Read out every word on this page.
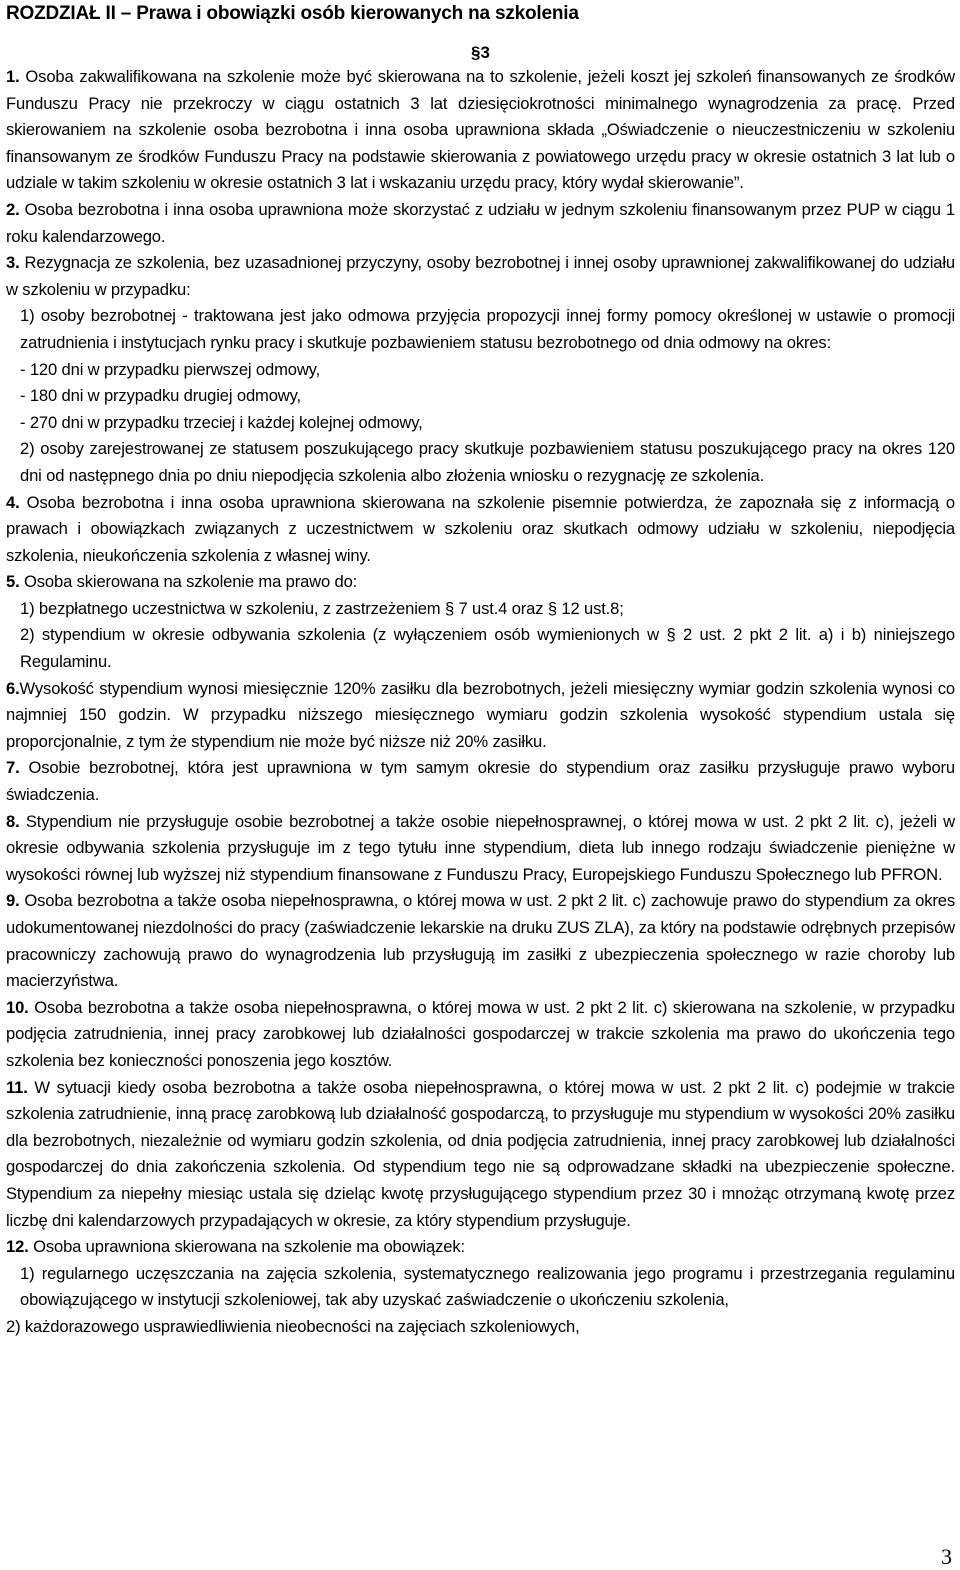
ROZDZIAŁ II – Prawa i obowiązki osób kierowanych na szkolenia
§3

1. Osoba zakwalifikowana na szkolenie może być skierowana na to szkolenie, jeżeli koszt jej szkoleń finansowanych ze środków Funduszu Pracy nie przekroczy w ciągu ostatnich 3 lat dziesięciokrotności minimalnego wynagrodzenia za pracę. Przed skierowaniem na szkolenie osoba bezrobotna i inna osoba uprawniona składa „Oświadczenie o nieuczestniczeniu w szkoleniu finansowanym ze środków Funduszu Pracy na podstawie skierowania z powiatowego urzędu pracy w okresie ostatnich 3 lat lub o udziale w takim szkoleniu w okresie ostatnich 3 lat i wskazaniu urzędu pracy, który wydał skierowanie”.

2. Osoba bezrobotna i inna osoba uprawniona może skorzystać z udziału w jednym szkoleniu finansowanym przez PUP w ciągu 1 roku kalendarzowego.

3. Rezygnacja ze szkolenia, bez uzasadnionej przyczyny, osoby bezrobotnej i innej osoby uprawnionej zakwalifikowanej do udziału w szkoleniu w przypadku:

1) osoby bezrobotnej - traktowana jest jako odmowa przyjęcia propozycji innej formy pomocy określonej w ustawie o promocji zatrudnienia i instytucjach rynku pracy i skutkuje pozbawieniem statusu bezrobotnego od dnia odmowy na okres:

- 120 dni w przypadku pierwszej odmowy,

- 180 dni w przypadku drugiej odmowy,

- 270 dni w przypadku trzeciej i każdej kolejnej odmowy,

2) osoby zarejestrowanej ze statusem poszukującego pracy skutkuje pozbawieniem statusu poszukującego pracy na okres 120 dni od następnego dnia po dniu niepodjęcia szkolenia albo złożenia wniosku o rezygnację ze szkolenia.

4. Osoba bezrobotna i inna osoba uprawniona skierowana na szkolenie pisemnie potwierdza, że zapoznała się z informacją o prawach i obowiązkach związanych z uczestnictwem w szkoleniu oraz skutkach odmowy udziału w szkoleniu, niepodjęcia szkolenia, nieukończenia szkolenia z własnej winy.

5. Osoba skierowana na szkolenie ma prawo do:

1) bezpłatnego uczestnictwa w szkoleniu, z zastrzeżeniem § 7 ust.4 oraz § 12 ust.8;

2) stypendium w okresie odbywania szkolenia (z wyłączeniem osób wymienionych w § 2 ust. 2 pkt 2 lit. a) i b) niniejszego Regulaminu.

6.Wysokość stypendium wynosi miesięcznie 120% zasiłku dla bezrobotnych, jeżeli miesięczny wymiar godzin szkolenia wynosi co najmniej 150 godzin. W przypadku niższego miesięcznego wymiaru godzin szkolenia wysokość stypendium ustala się proporcjonalnie, z tym że stypendium nie może być niższe niż 20% zasiłku.

7. Osobie bezrobotnej, która jest uprawniona w tym samym okresie do stypendium oraz zasiłku przysługuje prawo wyboru świadczenia.

8. Stypendium nie przysługuje osobie bezrobotnej a także osobie niepełnosprawnej, o której mowa w ust. 2 pkt 2 lit. c), jeżeli w okresie odbywania szkolenia przysługuje im z tego tytułu inne stypendium, dieta lub innego rodzaju świadczenie pieniężne w wysokości równej lub wyższej niż stypendium finansowane z Funduszu Pracy, Europejskiego Funduszu Społecznego lub PFRON.

9. Osoba bezrobotna a także osoba niepełnosprawna, o której mowa w ust. 2 pkt 2 lit. c) zachowuje prawo do stypendium za okres udokumentowanej niezdolności do pracy (zaświadczenie lekarskie na druku ZUS ZLA), za który na podstawie odrębnych przepisów pracowniczy zachowują prawo do wynagrodzenia lub przysługują im zasiłki z ubezpieczenia społecznego w razie choroby lub macierzyństwa.

10. Osoba bezrobotna a także osoba niepełnosprawna, o której mowa w ust. 2 pkt 2 lit. c) skierowana na szkolenie, w przypadku podjęcia zatrudnienia, innej pracy zarobkowej lub działalności gospodarczej w trakcie szkolenia ma prawo do ukończenia tego szkolenia bez konieczności ponoszenia jego kosztów.

11. W sytuacji kiedy osoba bezrobotna a także osoba niepełnosprawna, o której mowa w ust. 2 pkt 2 lit. c) podejmie w trakcie szkolenia zatrudnienie, inną pracę zarobkową lub działalność gospodarczą, to przysługuje mu stypendium w wysokości 20% zasiłku dla bezrobotnych, niezależnie od wymiaru godzin szkolenia, od dnia podjęcia zatrudnienia, innej pracy zarobkowej lub działalności gospodarczej do dnia zakończenia szkolenia. Od stypendium tego nie są odprowadzane składki na ubezpieczenie społeczne. Stypendium za niepełny miesiąc ustala się dzieląc kwotę przysługującego stypendium przez 30 i mnożąc otrzymaną kwotę przez liczbę dni kalendarzowych przypadających w okresie, za który stypendium przysługuje.

12. Osoba uprawniona skierowana na szkolenie ma obowiązek:

1) regularnego uczęszczania na zajęcia szkolenia, systematycznego realizowania jego programu i przestrzegania regulaminu obowiązującego w instytucji szkoleniowej, tak aby uzyskać zaświadczenie o ukończeniu szkolenia,

2) każdorazowego usprawiedliwienia nieobecności na zajęciach szkoleniowych,

3
